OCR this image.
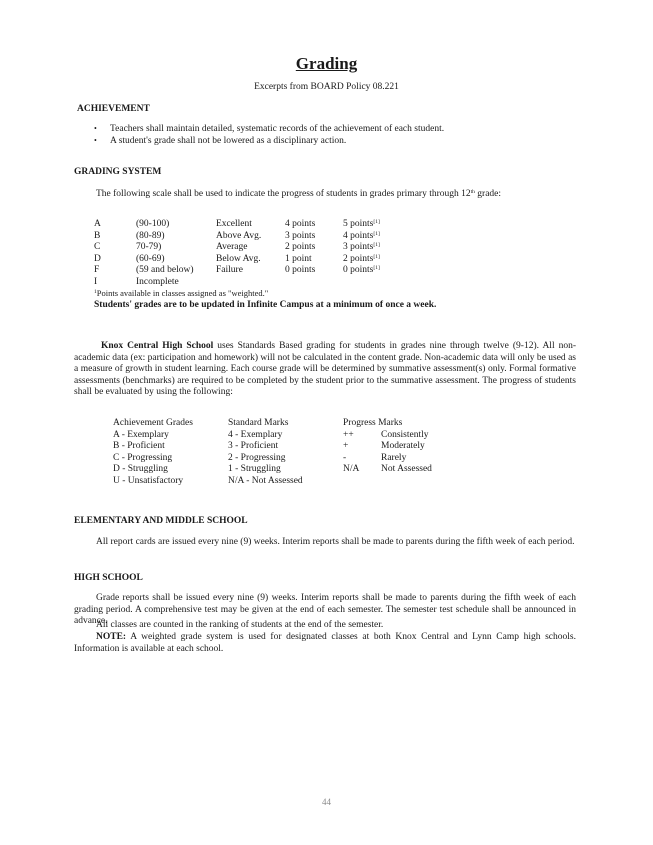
Grading
Excerpts from BOARD Policy 08.221
ACHIEVEMENT
• Teachers shall maintain detailed, systematic records of the achievement of each student.
• A student's grade shall not be lowered as a disciplinary action.
GRADING SYSTEM
The following scale shall be used to indicate the progress of students in grades primary through 12th grade:
A	(90-100)	Excellent	4 points	5 points[1]
B	(80-89)	Above Avg.	3 points	4 points[1]
C	70-79)	Average	2 points	3 points[1]
D	(60-69)	Below Avg.	1 point	2 points[1]
F	(59 and below) Failure	0 points	0 points[1]
I	Incomplete
$^1$ Points available in classes assigned as "weighted."
Students' grades are to be updated in Infinite Campus at a minimum of once a week.
Knox Central High School uses Standards Based grading for students in grades nine through twelve (9-12). All non-academic data (ex: participation and homework) will not be calculated in the content grade. Non-academic data will only be used as a measure of growth in student learning. Each course grade will be determined by summative assessment(s) only. Formal formative assessments (benchmarks) are required to be completed by the student prior to the summative assessment. The progress of students shall be evaluated by using the following:
Achievement Grades	Standard Marks	Progress Marks
A - Exemplary	4 - Exemplary	++	Consistently
B - Proficient	3 - Proficient	+	Moderately
C - Progressing	2 - Progressing	-	Rarely
D - Struggling	1 - Struggling	N/A Not Assessed
U - Unsatisfactory	N/A - Not Assessed
ELEMENTARY AND MIDDLE SCHOOL
All report cards are issued every nine (9) weeks. Interim reports shall be made to parents during the fifth week of each period.
HIGH SCHOOL
Grade reports shall be issued every nine (9) weeks. Interim reports shall be made to parents during the fifth week of each grading period. A comprehensive test may be given at the end of each semester. The semester test schedule shall be announced in advance.
All classes are counted in the ranking of students at the end of the semester.
NOTE: A weighted grade system is used for designated classes at both Knox Central and Lynn Camp high schools. Information is available at each school.
44
